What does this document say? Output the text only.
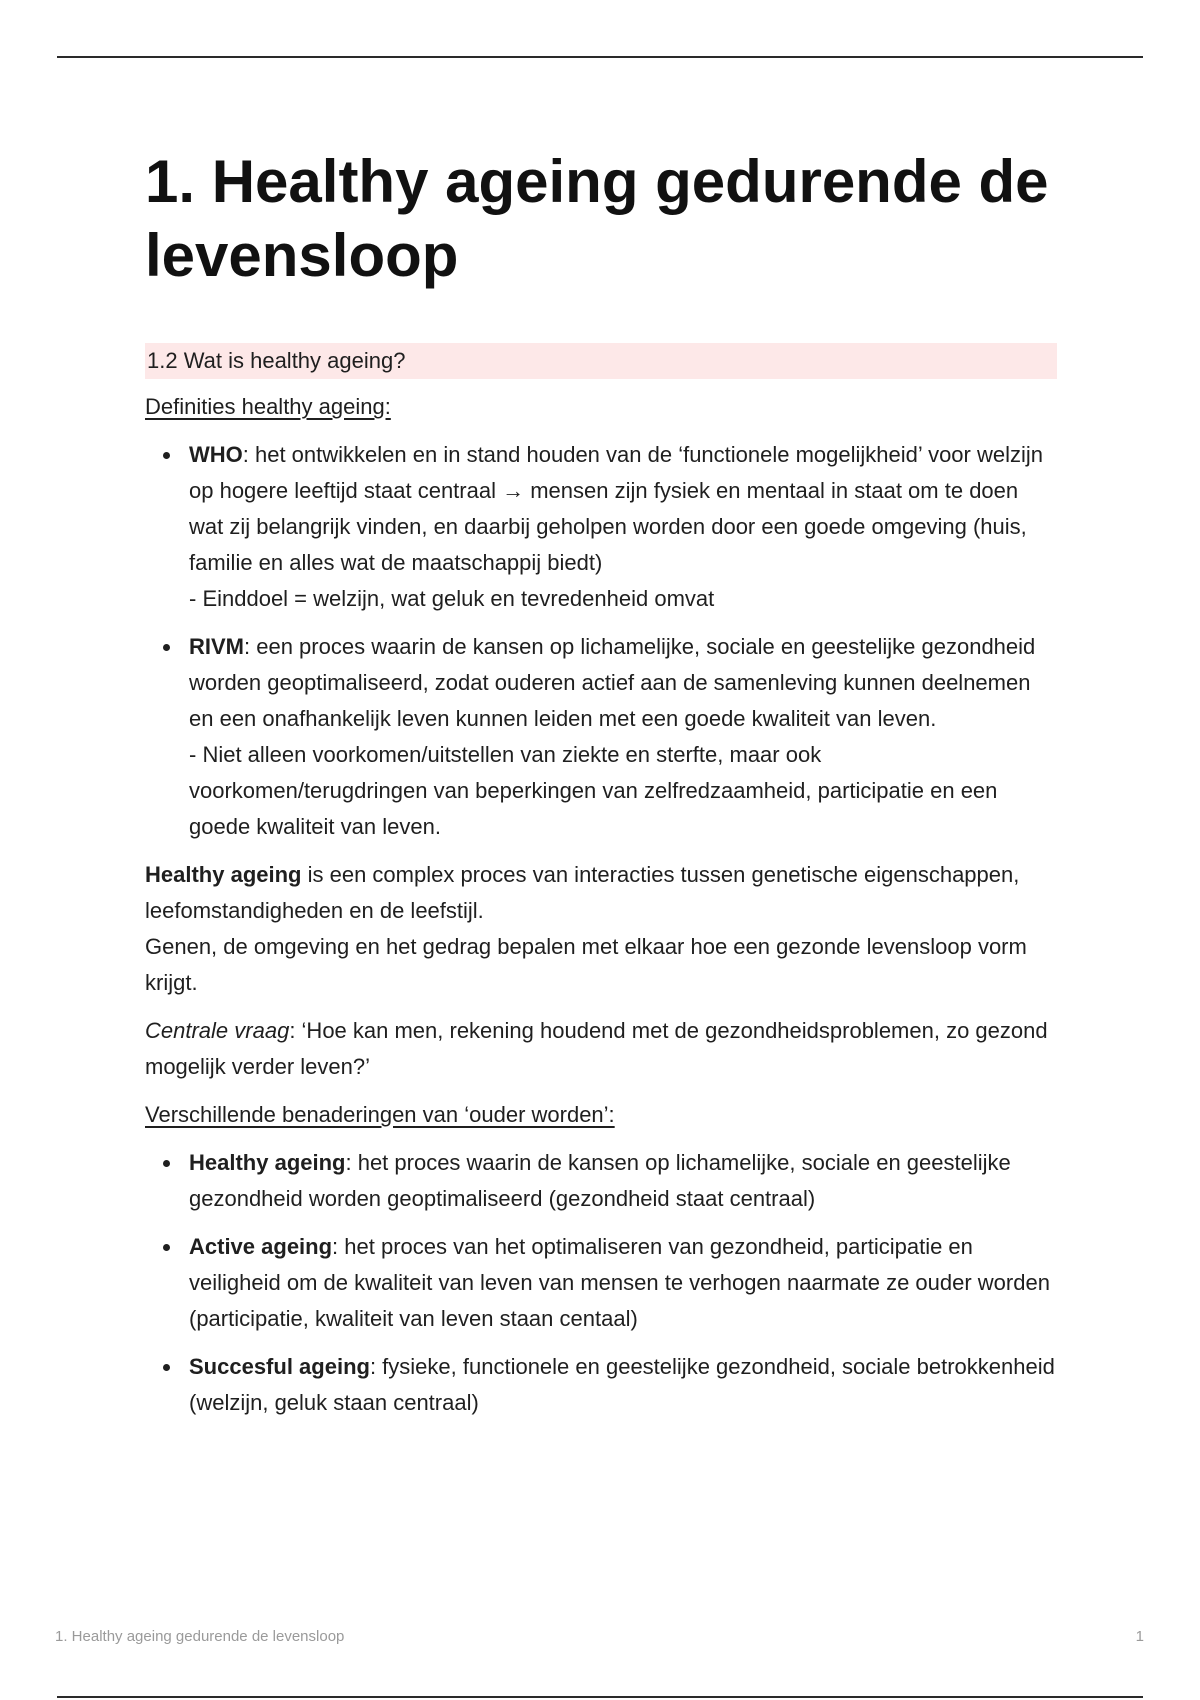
1. Healthy ageing gedurende de levensloop
1.2 Wat is healthy ageing?
Definities healthy ageing:
WHO: het ontwikkelen en in stand houden van de ‘functionele mogelijkheid’ voor welzijn op hogere leeftijd staat centraal → mensen zijn fysiek en mentaal in staat om te doen wat zij belangrijk vinden, en daarbij geholpen worden door een goede omgeving (huis, familie en alles wat de maatschappij biedt)
- Einddoel = welzijn, wat geluk en tevredenheid omvat
RIVM: een proces waarin de kansen op lichamelijke, sociale en geestelijke gezondheid worden geoptimaliseerd, zodat ouderen actief aan de samenleving kunnen deelnemen en een onafhankelijk leven kunnen leiden met een goede kwaliteit van leven.
- Niet alleen voorkomen/uitstellen van ziekte en sterfte, maar ook voorkomen/terugdringen van beperkingen van zelfredzaamheid, participatie en een goede kwaliteit van leven.

Healthy ageing is een complex proces van interacties tussen genetische eigenschappen, leefomstandigheden en de leefstijl.
Genen, de omgeving en het gedrag bepalen met elkaar hoe een gezonde levensloop vorm krijgt.

Centrale vraag: ‘Hoe kan men, rekening houdend met de gezondheidsproblemen, zo gezond mogelijk verder leven?’

Verschillende benaderingen van ‘ouder worden’:
Healthy ageing: het proces waarin de kansen op lichamelijke, sociale en geestelijke gezondheid worden geoptimaliseerd (gezondheid staat centraal)
Active ageing: het proces van het optimaliseren van gezondheid, participatie en veiligheid om de kwaliteit van leven van mensen te verhogen naarmate ze ouder worden (participatie, kwaliteit van leven staan centaal)
Succesful ageing: fysieke, functionele en geestelijke gezondheid, sociale betrokkenheid (welzijn, geluk staan centraal)
1. Healthy ageing gedurende de levensloop	1
